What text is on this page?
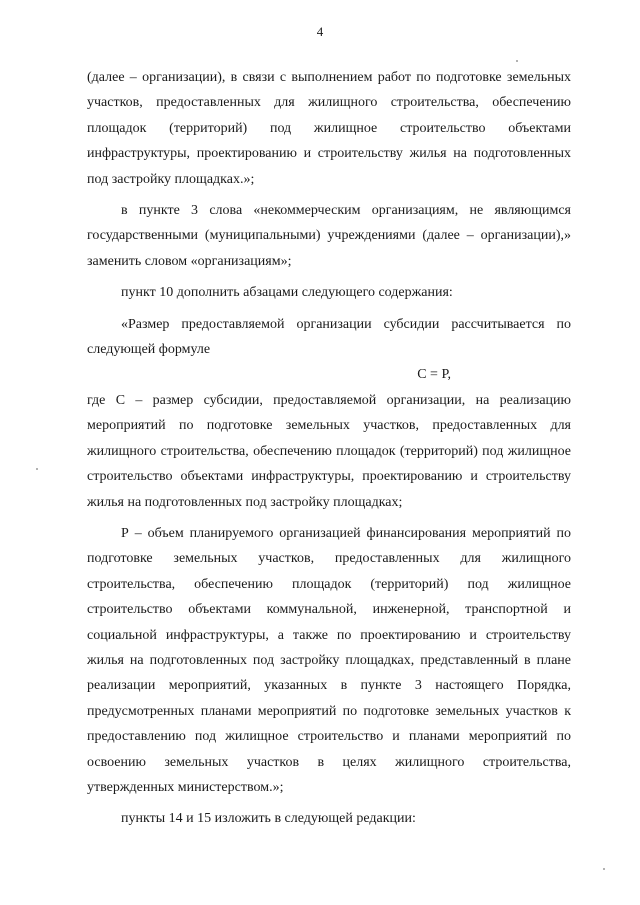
4

(далее – организации), в связи с выполнением работ по подготовке земельных участков, предоставленных для жилищного строительства, обеспечению площадок (территорий) под жилищное строительство объектами инфраструктуры, проектированию и строительству жилья на подготовленных под застройку площадках.»;

в пункте 3 слова «некоммерческим организациям, не являющимся государственными (муниципальными) учреждениями (далее – организации),» заменить словом «организациям»;

пункт 10 дополнить абзацами следующего содержания:

«Размер предоставляемой организации субсидии рассчитывается по следующей формуле

С = Р,

где С – размер субсидии, предоставляемой организации, на реализацию мероприятий по подготовке земельных участков, предоставленных для жилищного строительства, обеспечению площадок (территорий) под жилищное строительство объектами инфраструктуры, проектированию и строительству жилья на подготовленных под застройку площадках;

Р – объем планируемого организацией финансирования мероприятий по подготовке земельных участков, предоставленных для жилищного строительства, обеспечению площадок (территорий) под жилищное строительство объектами коммунальной, инженерной, транспортной и социальной инфраструктуры, а также по проектированию и строительству жилья на подготовленных под застройку площадках, представленный в плане реализации мероприятий, указанных в пункте 3 настоящего Порядка, предусмотренных планами мероприятий по подготовке земельных участков к предоставлению под жилищное строительство и планами мероприятий по освоению земельных участков в целях жилищного строительства, утвержденных министерством.»;

пункты 14 и 15 изложить в следующей редакции:
